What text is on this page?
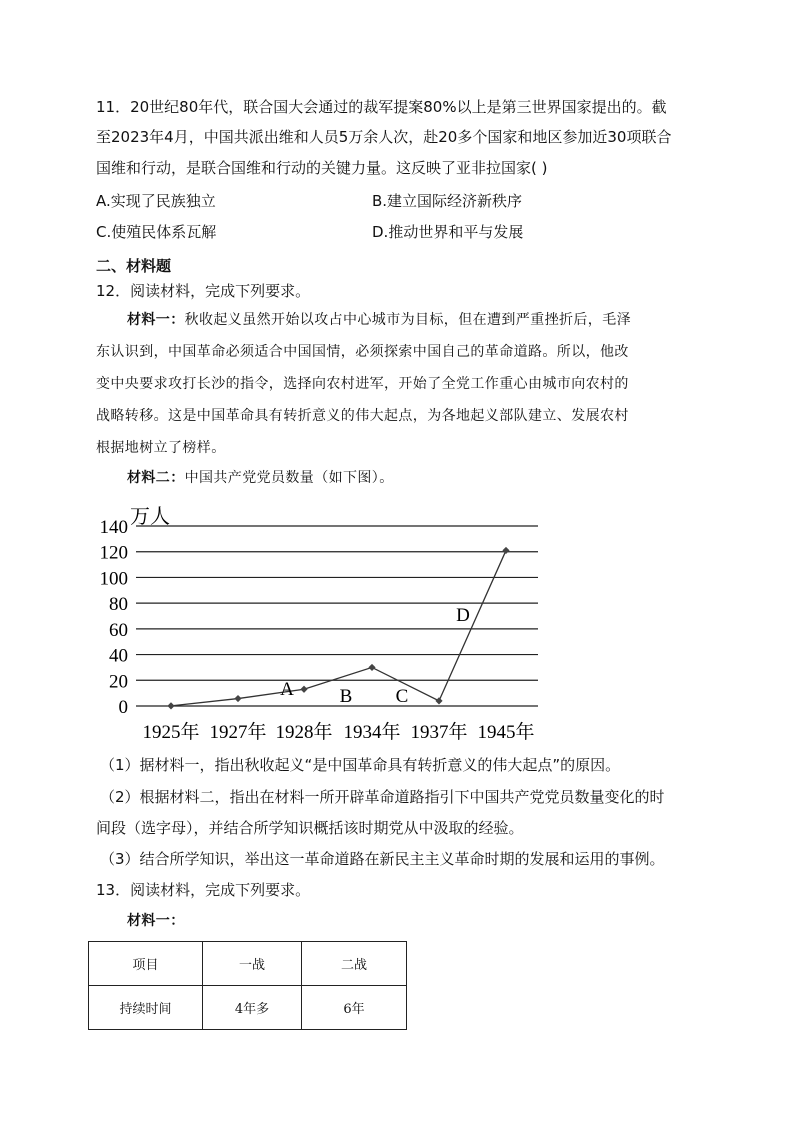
11．20世纪80年代，联合国大会通过的裁军提案80%以上是第三世界国家提出的。截
至2023年4月，中国共派出维和人员5万余人次，赴20多个国家和地区参加近30项联合
国维和行动，是联合国维和行动的关键力量。这反映了亚非拉国家( )
A.实现了民族独立	B.建立国际经济新秩序
C.使殖民体系瓦解	D.推动世界和平与发展
二、材料题
12．阅读材料，完成下列要求。
材料一：秋收起义虽然开始以攻占中心城市为目标，但在遭到严重挫折后，毛泽
东认识到，中国革命必须适合中国国情，必须探索中国自己的革命道路。所以，他改
变中央要求攻打长沙的指令，选择向农村进军，开始了全党工作重心由城市向农村的
战略转移。这是中国革命具有转折意义的伟大起点，为各地起义部队建立、发展农村
根据地树立了榜样。
材料二：中国共产党党员数量（如下图）。
0
20
40
60
80
100
120
140 万人
1925年 1927年 1928年 1934年 1937年 1945年
A B C
D
（1）据材料一，指出秋收起义“是中国革命具有转折意义的伟大起点”的原因。
（2）根据材料二，指出在材料一所开辟革命道路指引下中国共产党党员数量变化的时
间段（选字母），并结合所学知识概括该时期党从中汲取的经验。
（3）结合所学知识，举出这一革命道路在新民主主义革命时期的发展和运用的事例。
13．阅读材料，完成下列要求。
材料一：
项目	一战	二战
持续时间	4年多	6年
